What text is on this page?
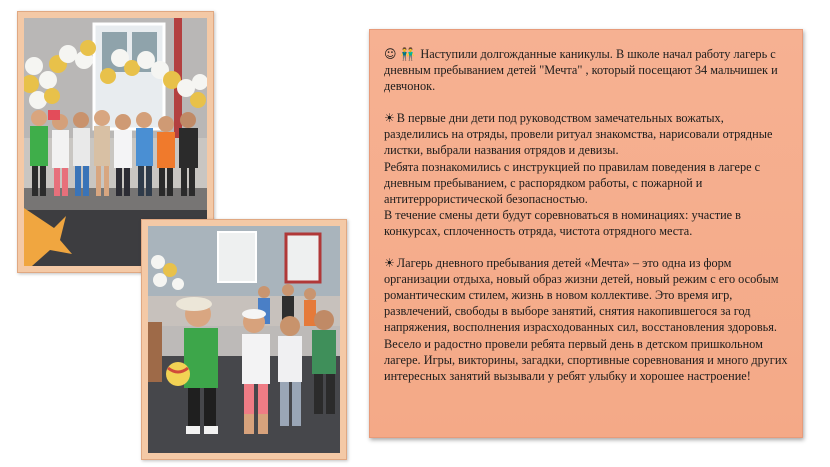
☺ 👬 Наступили долгожданные каникулы. В школе начал работу лагерь с дневным пребыванием детей "Мечта" , который посещают 34 мальчишек и девчонок.

☀ В первые дни дети под руководством замечательных вожатых, разделились на отряды, провели ритуал знакомства, нарисовали отрядные листки, выбрали названия отрядов и девизы.

Ребята познакомились с инструкцией по правилам поведения в лагере с дневным пребыванием, с распорядком работы, с пожарной и антитеррористической безопасностью.

В течение смены дети будут соревноваться в номинациях: участие в конкурсах, сплоченность отряда, чистота отрядного места.

☀ Лагерь дневного пребывания детей «Мечта» – это одна из форм организации отдыха, новый образ жизни детей, новый режим с его особым романтическим стилем, жизнь в новом коллективе. Это время игр, развлечений, свободы в выборе занятий, снятия накопившегося за год напряжения, восполнения израсходованных сил, восстановления здоровья. Весело и радостно провели ребята первый день в детском пришкольном лагере. Игры, викторины, загадки, спортивные соревнования и много других интересных занятий вызывали у ребят улыбку и хорошее настроение!
